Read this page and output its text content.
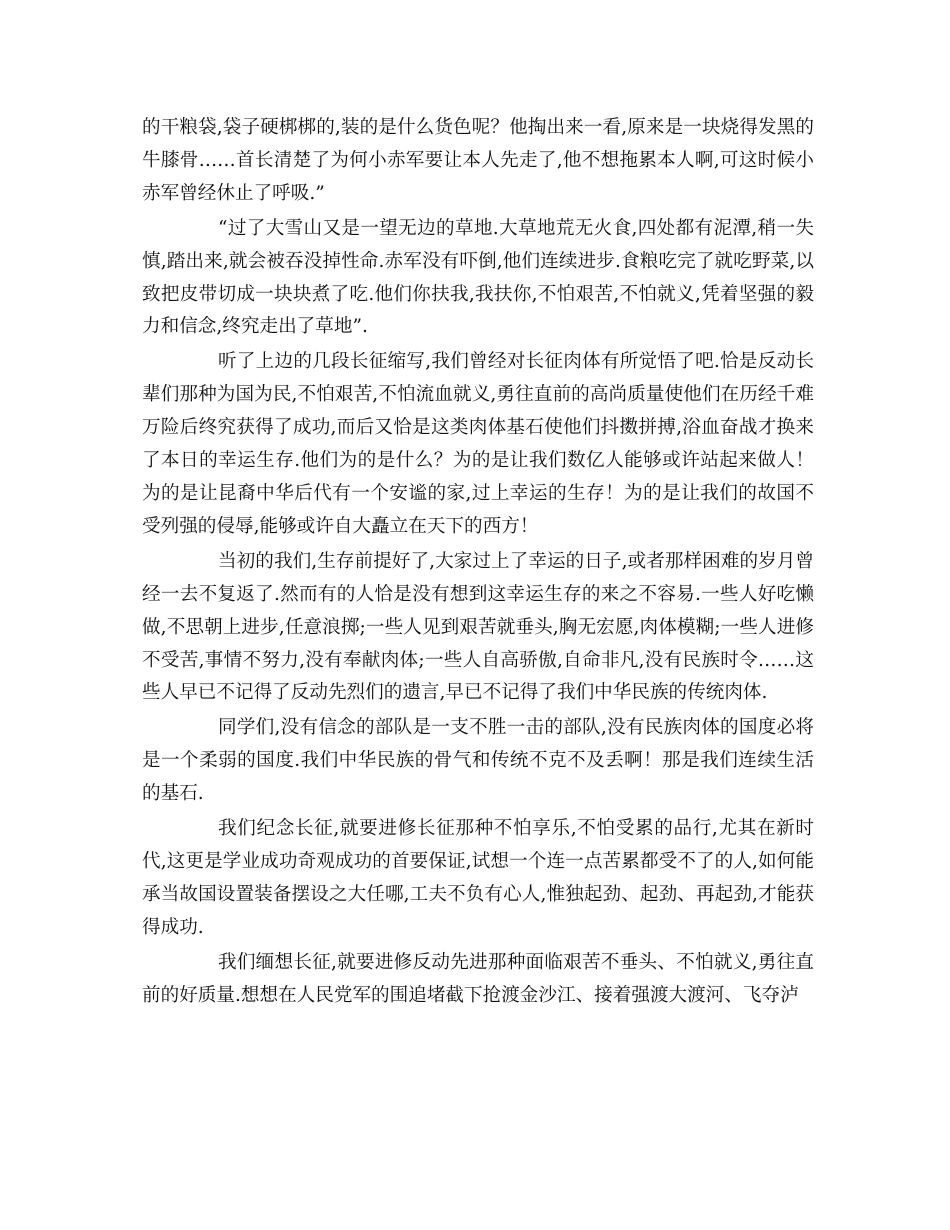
的干粮袋,袋子硬梆梆的,装的是什么货色呢？他掏出来一看,原来是一块烧得发黑的牛膝骨……首长清楚了为何小赤军要让本人先走了,他不想拖累本人啊,可这时候小赤军曾经休止了呼吸.”

“过了大雪山又是一望无边的草地.大草地荒无火食,四处都有泥潭,稍一失慎,踏出来,就会被吞没掉性命.赤军没有吓倒,他们连续进步.食粮吃完了就吃野菜,以致把皮带切成一块块煮了吃.他们你扶我,我扶你,不怕艰苦,不怕就义,凭着坚强的毅力和信念,终究走出了草地”.

听了上边的几段长征缩写,我们曾经对长征肉体有所觉悟了吧.恰是反动长辈们那种为国为民,不怕艰苦,不怕流血就义,勇往直前的高尚质量使他们在历经千难万险后终究获得了成功,而后又恰是这类肉体基石使他们抖擞拼搏,浴血奋战才换来了本日的幸运生存.他们为的是什么？为的是让我们数亿人能够或许站起来做人！为的是让昆裔中华后代有一个安谧的家,过上幸运的生存！为的是让我们的故国不受列强的侵辱,能够或许自大矗立在天下的西方！

当初的我们,生存前提好了,大家过上了幸运的日子,或者那样困难的岁月曾经一去不复返了.然而有的人恰是没有想到这幸运生存的来之不容易.一些人好吃懒做,不思朝上进步,任意浪掷;一些人见到艰苦就垂头,胸无宏愿,肉体模糊;一些人进修不受苦,事情不努力,没有奉献肉体;一些人自高骄傲,自命非凡,没有民族时令……这些人早已不记得了反动先烈们的遗言,早已不记得了我们中华民族的传统肉体.

同学们,没有信念的部队是一支不胜一击的部队,没有民族肉体的国度必将是一个柔弱的国度.我们中华民族的骨气和传统不克不及丢啊！那是我们连续生活的基石.

我们纪念长征,就要进修长征那种不怕享乐,不怕受累的品行,尤其在新时代,这更是学业成功奇观成功的首要保证,试想一个连一点苦累都受不了的人,如何能承当故国设置装备摆设之大任哪,工夫不负有心人,惟独起劲、起劲、再起劲,才能获得成功.

我们缅想长征,就要进修反动先进那种面临艰苦不垂头、不怕就义,勇往直前的好质量.想想在人民党军的围追堵截下抢渡金沙江、接着强渡大渡河、飞夺泸
